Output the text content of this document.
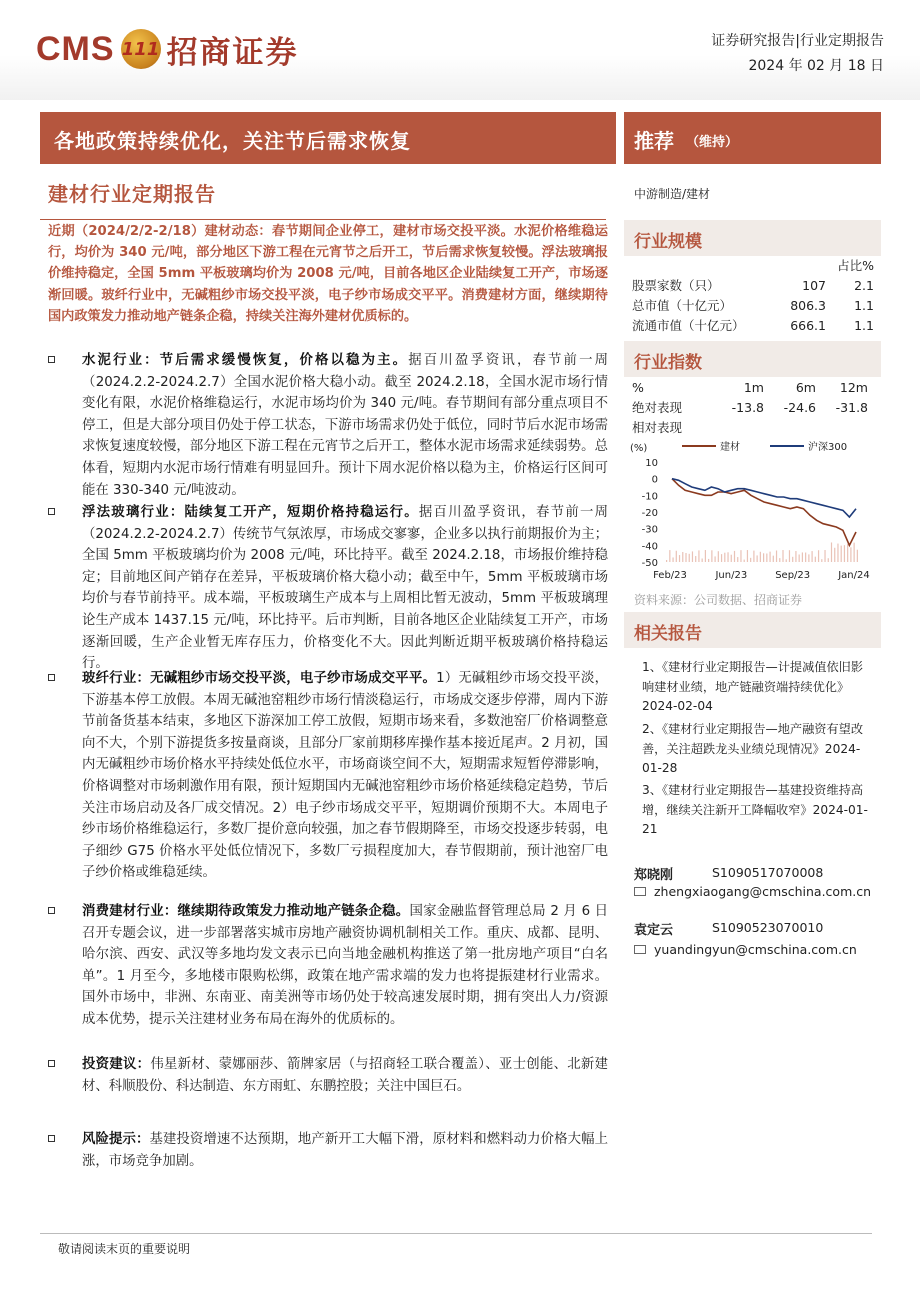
CMS 111 招商证券	证券研究报告|行业定期报告
2024 年 02 月 18 日
各地政策持续优化，关注节后需求恢复	推荐 （维持）
建材行业定期报告
近期（2024/2/2-2/18）建材动态：春节期间企业停工，建材市场交投平淡。水泥价格维稳运行，均价为 340 元/吨，部分地区下游工程在元宵节之后开工，节后需求恢复较慢。浮法玻璃报价维持稳定，全国 5mm 平板玻璃均价为 2008 元/吨，目前各地区企业陆续复工开产，市场逐渐回暖。玻纤行业中，无碱粗纱市场交投平淡，电子纱市场成交平平。消费建材方面，继续期待国内政策发力推动地产链条企稳，持续关注海外建材优质标的。
水泥行业：节后需求缓慢恢复，价格以稳为主。据百川盈孚资讯，春节前一周（2024.2.2-2024.2.7）全国水泥价格大稳小动。截至 2024.2.18，全国水泥市场行情变化有限，水泥价格维稳运行，水泥市场均价为 340 元/吨。春节期间有部分重点项目不停工，但是大部分项目仍处于停工状态，下游市场需求仍处于低位，同时节后水泥市场需求恢复速度较慢，部分地区下游工程在元宵节之后开工，整体水泥市场需求延续弱势。总体看，短期内水泥市场行情难有明显回升。预计下周水泥价格以稳为主，价格运行区间可能在 330-340 元/吨波动。
浮法玻璃行业：陆续复工开产，短期价格持稳运行。据百川盈孚资讯，春节前一周（2024.2.2-2024.2.7）传统节气氛浓厚，市场成交寥寥，企业多以执行前期报价为主；全国 5mm 平板玻璃均价为 2008 元/吨，环比持平。截至 2024.2.18，市场报价维持稳定；目前地区间产销存在差异，平板玻璃价格大稳小动；截至中午，5mm 平板玻璃市场均价与春节前持平。成本端，平板玻璃生产成本与上周相比暂无波动，5mm 平板玻璃理论生产成本 1437.15 元/吨，环比持平。后市判断，目前各地区企业陆续复工开产，市场逐渐回暖，生产企业暂无库存压力，价格变化不大。因此判断近期平板玻璃价格持稳运行。
玻纤行业：无碱粗纱市场交投平淡，电子纱市场成交平平。1）无碱粗纱市场交投平淡，下游基本停工放假。本周无碱池窑粗纱市场行情淡稳运行，市场成交逐步停滞，周内下游节前备货基本结束，多地区下游深加工停工放假，短期市场来看，多数池窑厂价格调整意向不大，个别下游提货多按量商谈，且部分厂家前期移库操作基本接近尾声。2 月初，国内无碱粗纱市场价格水平持续处低位水平，市场商谈空间不大，短期需求短暂停滞影响，价格调整对市场刺激作用有限，预计短期国内无碱池窑粗纱市场价格延续稳定趋势，节后关注市场启动及各厂成交情况。2）电子纱市场成交平平，短期调价预期不大。本周电子纱市场价格维稳运行，多数厂提价意向较强，加之春节假期降至，市场交投逐步转弱，电子细纱 G75 价格水平处低位情况下，多数厂亏损程度加大，春节假期前，预计池窑厂电子纱价格或维稳延续。
消费建材行业：继续期待政策发力推动地产链条企稳。国家金融监督管理总局 2 月 6 日召开专题会议，进一步部署落实城市房地产融资协调机制相关工作。重庆、成都、昆明、哈尔滨、西安、武汉等多地均发文表示已向当地金融机构推送了第一批房地产项目“白名单”。1 月至今，多地楼市限购松绑，政策在地产需求端的发力也将提振建材行业需求。国外市场中，非洲、东南亚、南美洲等市场仍处于较高速发展时期，拥有突出人力/资源成本优势，提示关注建材业务布局在海外的优质标的。
投资建议：伟星新材、蒙娜丽莎、箭牌家居（与招商轻工联合覆盖）、亚士创能、北新建材、科顺股份、科达制造、东方雨虹、东鹏控股；关注中国巨石。
风险提示：基建投资增速不达预期，地产新开工大幅下滑，原材料和燃料动力价格大幅上涨，市场竞争加剧。
中游制造/建材
行业规模
		占比%
股票家数（只）	107	2.1
总市值（十亿元）	806.3	1.1
流通市值（十亿元）	666.1	1.1
行业指数
%	1m	6m	12m
绝对表现	-13.8	-24.6	-31.8
相对表现			
(%)	建材	沪深300
10
0
-10
-20
-30
-40
-50
Feb/23	Jun/23	Sep/23	Jan/24
资料来源：公司数据、招商证券
相关报告
1、《建材行业定期报告—计提减值依旧影响建材业绩，地产链融资端持续优化》2024-02-04
2、《建材行业定期报告—地产融资有望改善，关注超跌龙头业绩兑现情况》2024-01-28
3、《建材行业定期报告—基建投资维持高增，继续关注新开工降幅收窄》2024-01-21
郑晓刚	S1090517070008
zhengxiaogang@cmschina.com.cn
袁定云	S1090523070010
yuandingyun@cmschina.com.cn
敬请阅读末页的重要说明
